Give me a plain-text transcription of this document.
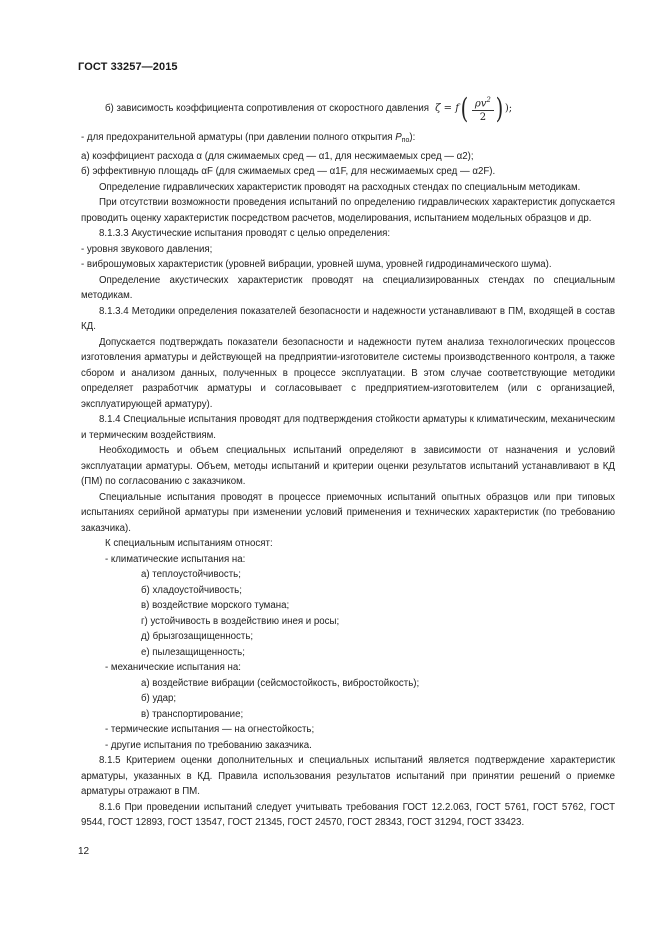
ГОСТ 33257—2015
б) зависимость коэффициента сопротивления от скоростного давления ζ
=
f ( $\frac{\rho v^2}{2}$ ) );

- для предохранительной арматуры (при давлении полного открытия $P_{по}$):

а) коэффициент расхода α (для сжимаемых сред — α1, для несжимаемых сред — α2);

б) эффективную площадь αF (для сжимаемых сред — α1F, для несжимаемых сред — α2F).

Определение гидравлических характеристик проводят на расходных стендах по специальным методикам.

При отсутствии возможности проведения испытаний по определению гидравлических характеристик допускается проводить оценку характеристик посредством расчетов, моделирования, испытанием модельных образцов и др.

8.1.3.3 Акустические испытания проводят с целью определения:

- уровня звукового давления;

- виброшумовых характеристик (уровней вибрации, уровней шума, уровней гидродинамического шума).

Определение акустических характеристик проводят на специализированных стендах по специальным методикам.

8.1.3.4 Методики определения показателей безопасности и надежности устанавливают в ПМ, входящей в состав КД.

Допускается подтверждать показатели безопасности и надежности путем анализа технологических процессов изготовления арматуры и действующей на предприятии-изготовителе системы производственного контроля, а также сбором и анализом данных, полученных в процессе эксплуатации. В этом случае соответствующие методики определяет разработчик арматуры и согласовывает с предприятием-изготовителем (или с организацией, эксплуатирующей арматуру).

8.1.4 Специальные испытания проводят для подтверждения стойкости арматуры к климатическим, механическим и термическим воздействиям.

Необходимость и объем специальных испытаний определяют в зависимости от назначения и условий эксплуатации арматуры. Объем, методы испытаний и критерии оценки результатов испытаний устанавливают в КД (ПМ) по согласованию с заказчиком.

Специальные испытания проводят в процессе приемочных испытаний опытных образцов или при типовых испытаниях серийной арматуры при изменении условий применения и технических характеристик (по требованию заказчика).

К специальным испытаниям относят:

- климатические испытания на:

а) теплоустойчивость;

б) хладоустойчивость;

в) воздействие морского тумана;

г) устойчивость в воздействию инея и росы;

д) брызгозащищенность;

е) пылезащищенность;

- механические испытания на:

а) воздействие вибрации (сейсмостойкость, вибростойкость);

б) удар;

в) транспортирование;

- термические испытания — на огнестойкость;

- другие испытания по требованию заказчика.

8.1.5 Критерием оценки дополнительных и специальных испытаний является подтверждение характеристик арматуры, указанных в КД. Правила использования результатов испытаний при принятии решений о приемке арматуры отражают в ПМ.

8.1.6 При проведении испытаний следует учитывать требования ГОСТ 12.2.063, ГОСТ 5761, ГОСТ 5762, ГОСТ 9544, ГОСТ 12893, ГОСТ 13547, ГОСТ 21345, ГОСТ 24570, ГОСТ 28343, ГОСТ 31294, ГОСТ 33423.

12
